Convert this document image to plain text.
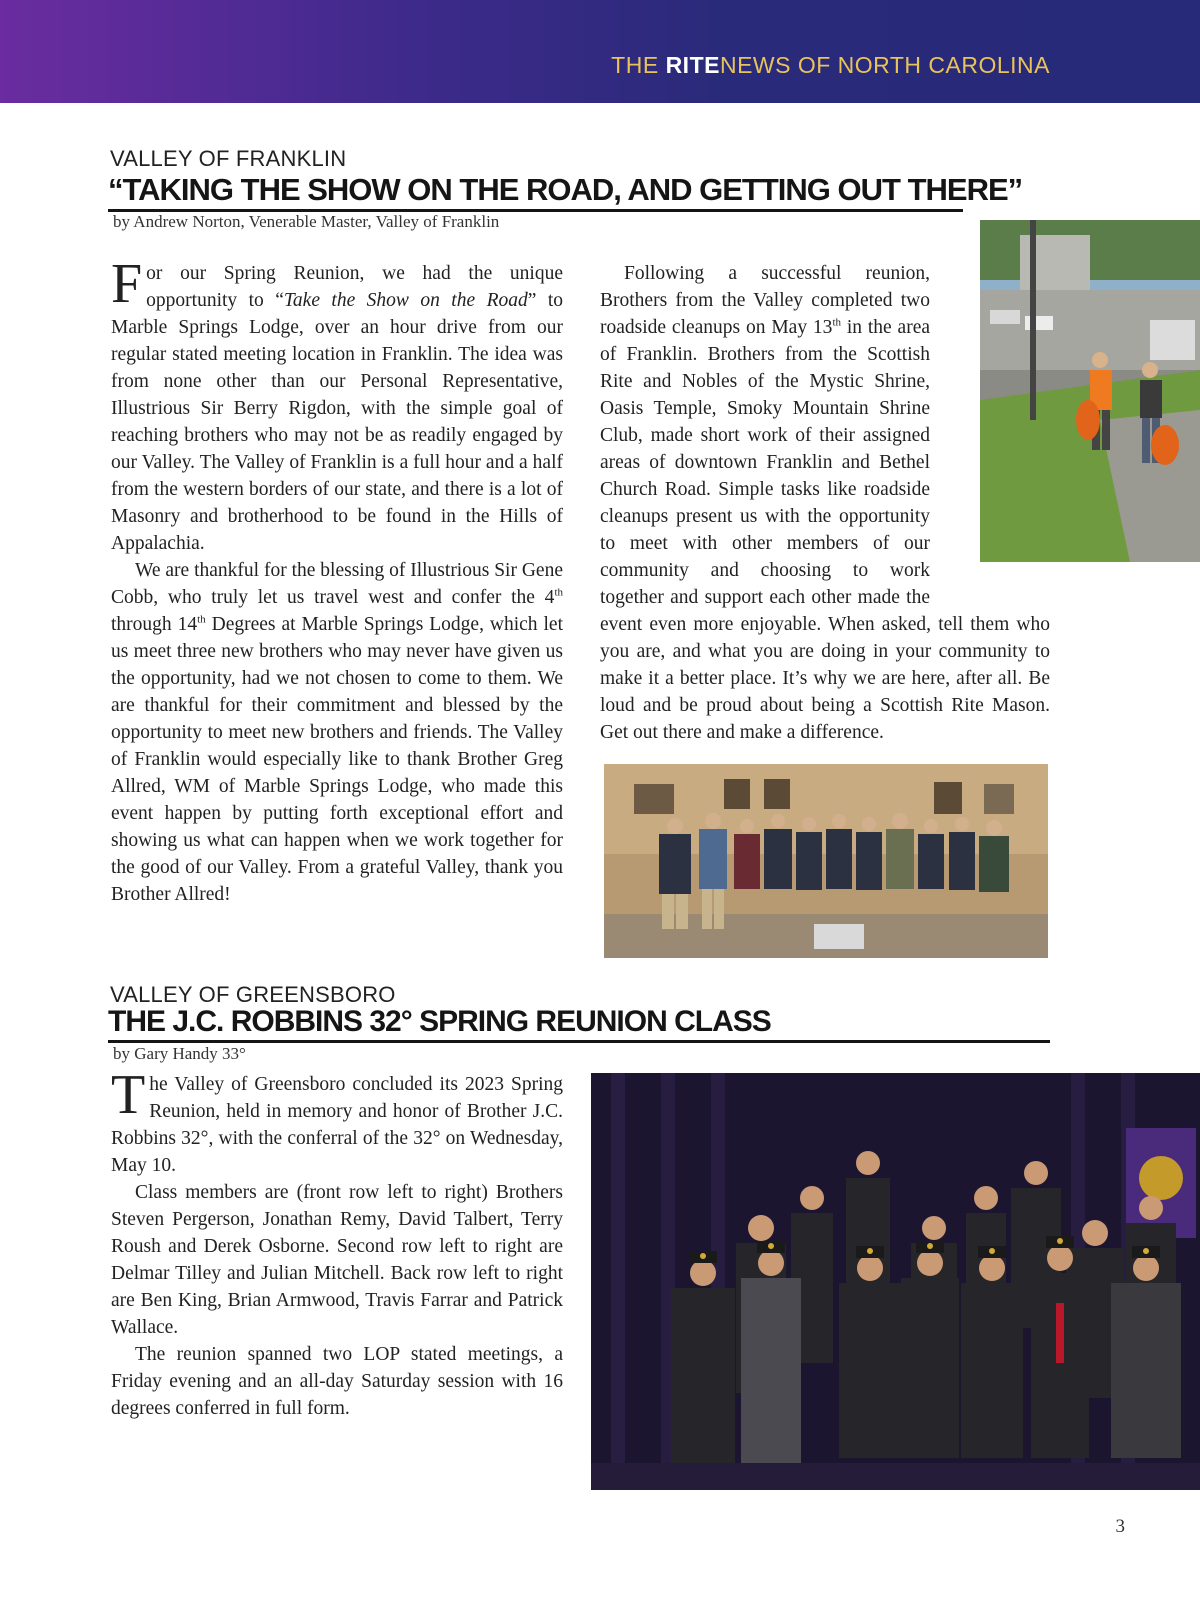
THE RITENEWS OF NORTH CAROLINA
VALLEY OF FRANKLIN
“TAKING THE SHOW ON THE ROAD, AND GETTING OUT THERE”
by Andrew Norton, Venerable Master, Valley of Franklin

For our Spring Reunion, we had the unique opportunity to “Take the Show on the Road” to Marble Springs Lodge, over an hour drive from our regular stated meeting location in Franklin. The idea was from none other than our Personal Representative, Illustrious Sir Berry Rigdon, with the simple goal of reaching brothers who may not be as readily engaged by our Valley. The Valley of Franklin is a full hour and a half from the western borders of our state, and there is a lot of Masonry and brotherhood to be found in the Hills of Appalachia.

We are thankful for the blessing of Illustrious Sir Gene Cobb, who truly let us travel west and confer the 4th through 14th Degrees at Marble Springs Lodge, which let us meet three new brothers who may never have given us the opportunity, had we not chosen to come to them. We are thankful for their commitment and blessed by the opportunity to meet new brothers and friends. The Valley of Franklin would especially like to thank Brother Greg Allred, WM of Marble Springs Lodge, who made this event happen by putting forth exceptional effort and showing us what can happen when we work together for the good of our Valley. From a grateful Valley, thank you Brother Allred!

Following a successful reunion, Brothers from the Valley completed two roadside cleanups on May 13th in the area of Franklin. Brothers from the Scottish Rite and Nobles of the Mystic Shrine, Oasis Temple, Smoky Mountain Shrine Club, made short work of their assigned areas of downtown Franklin and Bethel Church Road. Simple tasks like roadside cleanups present us with the opportunity to meet with other members of our community and choosing to work together and support each other made the event even more enjoyable. When asked, tell them who you are, and what you are doing in your community to make it a better place. It’s why we are here, after all. Be loud and be proud about being a Scottish Rite Mason. Get out there and make a difference.

VALLEY OF GREENSBORO
THE J.C. ROBBINS 32° SPRING REUNION CLASS
by Gary Handy 33°

The Valley of Greensboro concluded its 2023 Spring Reunion, held in memory and honor of Brother J.C. Robbins 32°, with the conferral of the 32° on Wednesday, May 10.

Class members are (front row left to right) Brothers Steven Pergerson, Jonathan Remy, David Talbert, Terry Roush and Derek Osborne. Second row left to right are Delmar Tilley and Julian Mitchell. Back row left to right are Ben King, Brian Armwood, Travis Farrar and Patrick Wallace.

The reunion spanned two LOP stated meetings, a Friday evening and an all-day Saturday session with 16 degrees conferred in full form.

3
